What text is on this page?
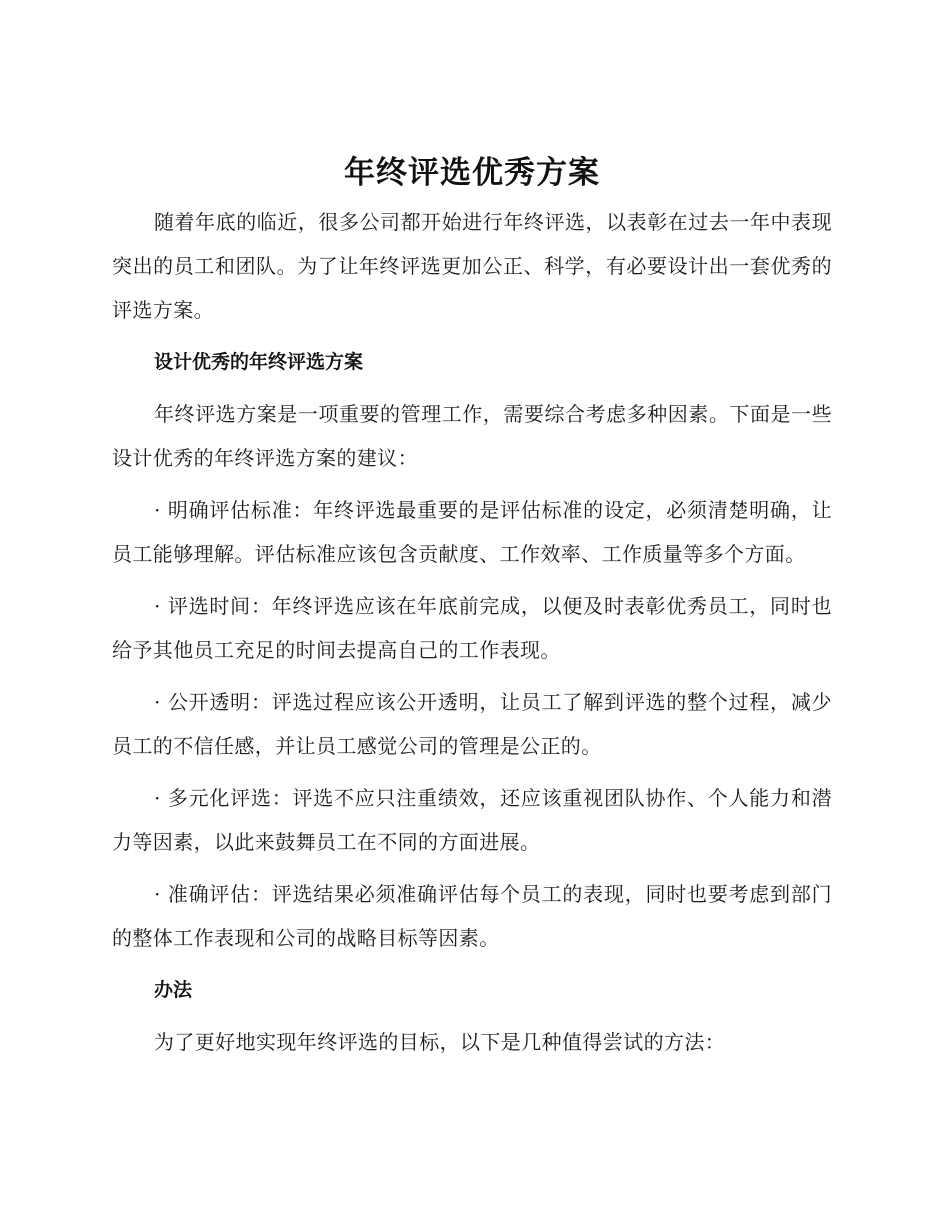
年终评选优秀方案

随着年底的临近，很多公司都开始进行年终评选，以表彰在过去一年中表现突出的员工和团队。为了让年终评选更加公正、科学，有必要设计出一套优秀的评选方案。

设计优秀的年终评选方案

年终评选方案是一项重要的管理工作，需要综合考虑多种因素。下面是一些设计优秀的年终评选方案的建议：

· 明确评估标准：年终评选最重要的是评估标准的设定，必须清楚明确，让员工能够理解。评估标准应该包含贡献度、工作效率、工作质量等多个方面。

· 评选时间：年终评选应该在年底前完成，以便及时表彰优秀员工，同时也给予其他员工充足的时间去提高自己的工作表现。

· 公开透明：评选过程应该公开透明，让员工了解到评选的整个过程，减少员工的不信任感，并让员工感觉公司的管理是公正的。

· 多元化评选：评选不应只注重绩效，还应该重视团队协作、个人能力和潜力等因素，以此来鼓舞员工在不同的方面进展。

· 准确评估：评选结果必须准确评估每个员工的表现，同时也要考虑到部门的整体工作表现和公司的战略目标等因素。

办法

为了更好地实现年终评选的目标，以下是几种值得尝试的方法：
